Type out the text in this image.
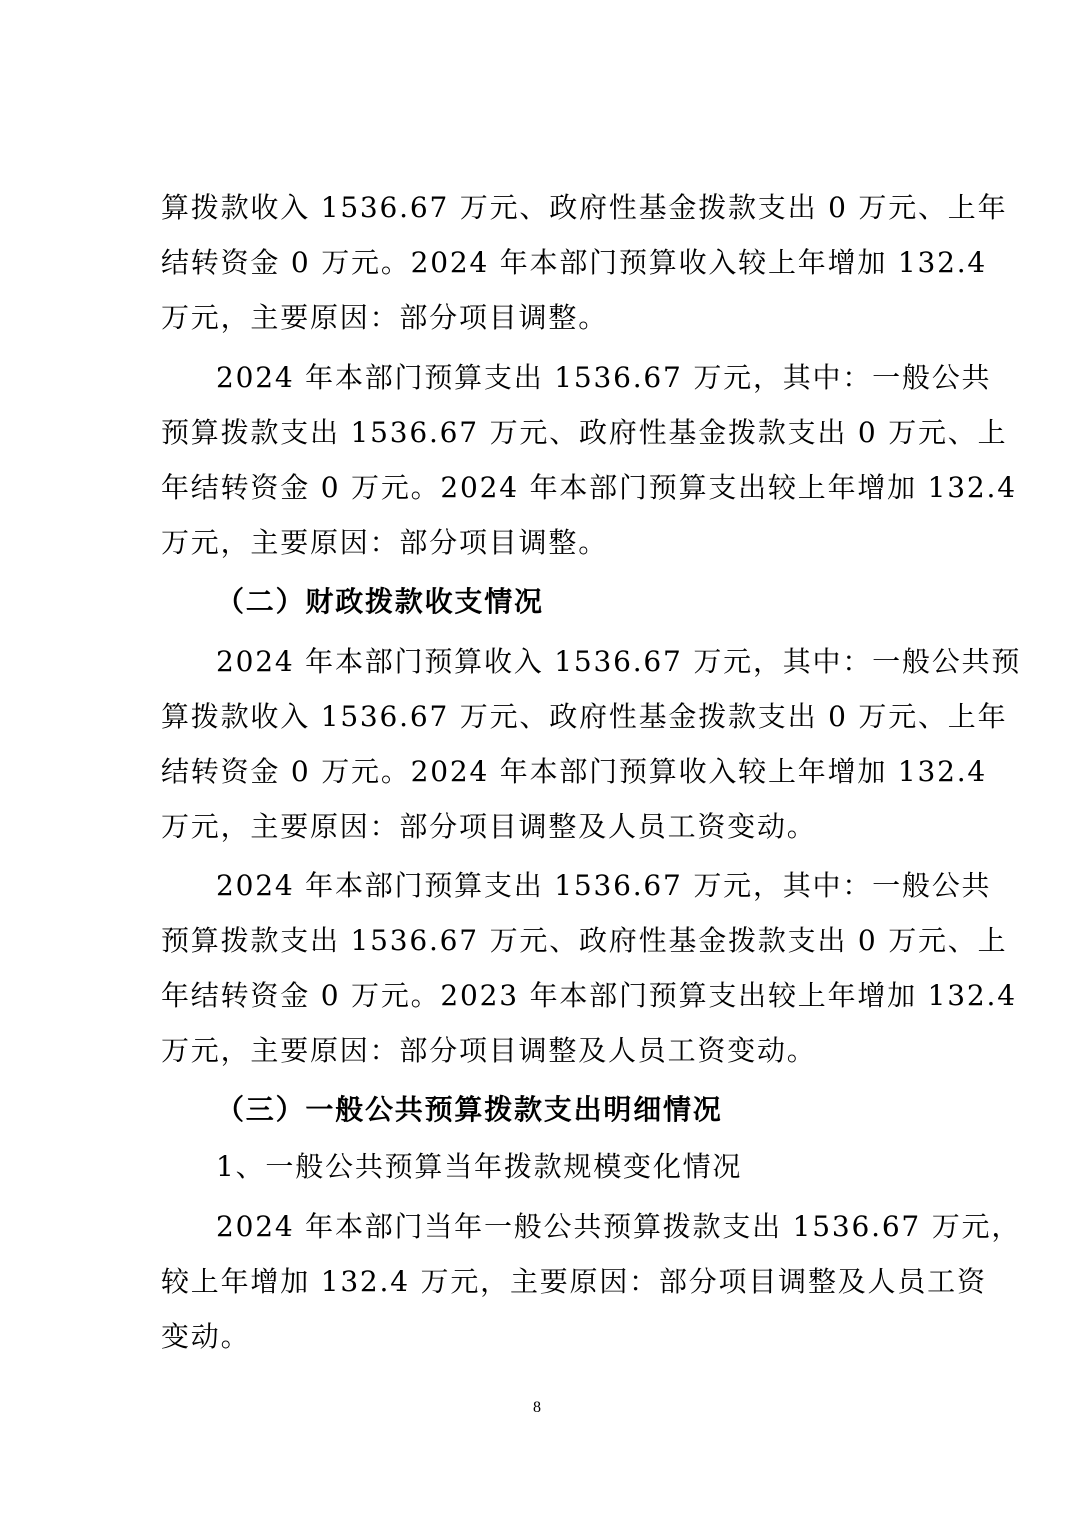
算拨款收入 1536.67 万元、政府性基金拨款支出 0 万元、上年
结转资金 0 万元。2024 年本部门预算收入较上年增加 132.4
万元，主要原因：部分项目调整。
2024 年本部门预算支出 1536.67 万元，其中：一般公共
预算拨款支出 1536.67 万元、政府性基金拨款支出 0 万元、上
年结转资金 0 万元。2024 年本部门预算支出较上年增加 132.4
万元，主要原因：部分项目调整。
（二）财政拨款收支情况
2024 年本部门预算收入 1536.67 万元，其中：一般公共预
算拨款收入 1536.67 万元、政府性基金拨款支出 0 万元、上年
结转资金 0 万元。2024 年本部门预算收入较上年增加 132.4
万元，主要原因：部分项目调整及人员工资变动。
2024 年本部门预算支出 1536.67 万元，其中：一般公共
预算拨款支出 1536.67 万元、政府性基金拨款支出 0 万元、上
年结转资金 0 万元。2023 年本部门预算支出较上年增加 132.4
万元，主要原因：部分项目调整及人员工资变动。
（三）一般公共预算拨款支出明细情况
1、一般公共预算当年拨款规模变化情况
2024 年本部门当年一般公共预算拨款支出 1536.67 万元，
较上年增加 132.4 万元，主要原因：部分项目调整及人员工资
变动。
8
